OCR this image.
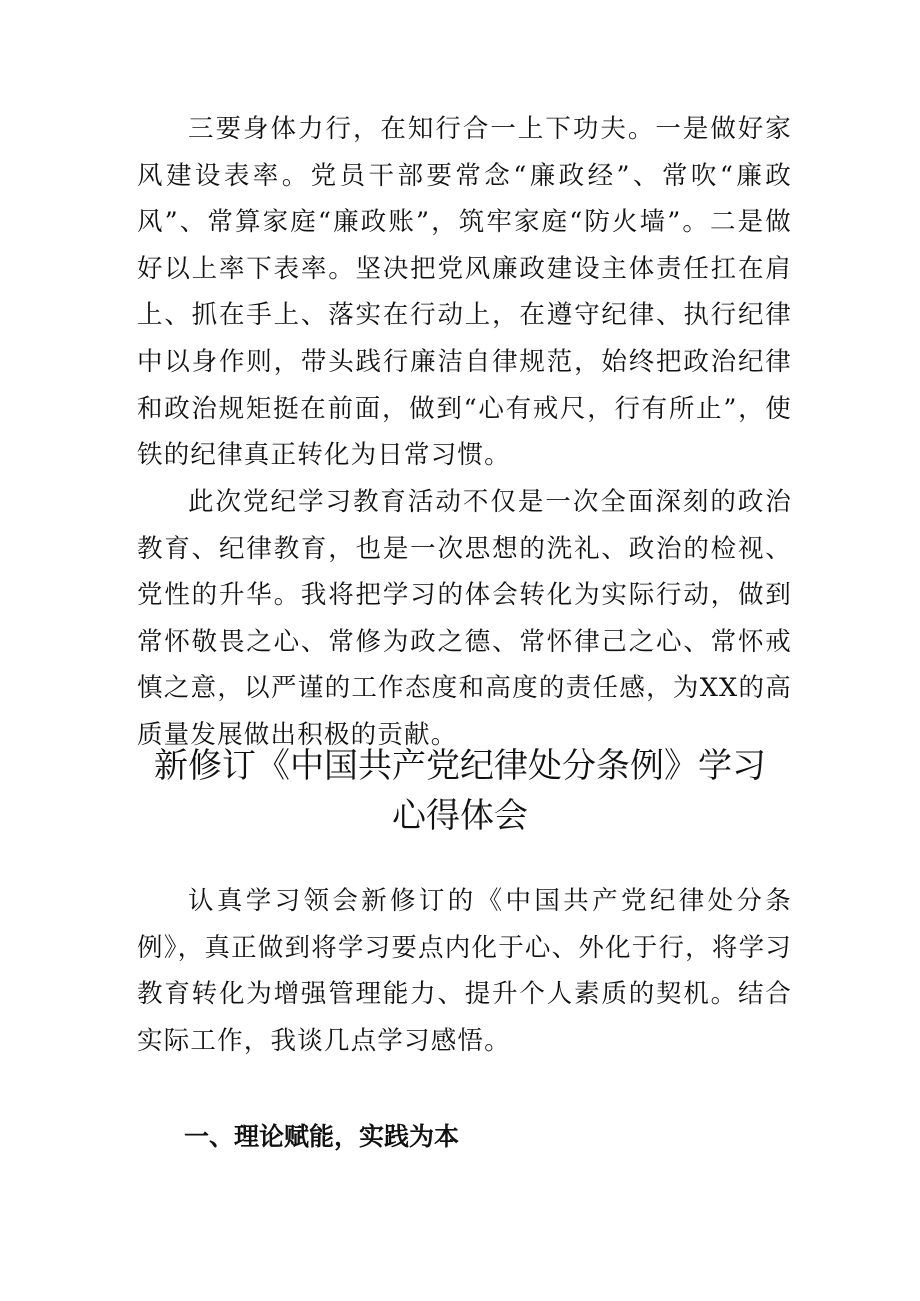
三要身体力行，在知行合一上下功夫。一是做好家风建设表率。党员干部要常念“廉政经”、常吹“廉政风”、常算家庭“廉政账”，筑牢家庭“防火墙”。二是做好以上率下表率。坚决把党风廉政建设主体责任扛在肩上、抓在手上、落实在行动上，在遵守纪律、执行纪律中以身作则，带头践行廉洁自律规范，始终把政治纪律和政治规矩挺在前面，做到“心有戒尺，行有所止”，使铁的纪律真正转化为日常习惯。

此次党纪学习教育活动不仅是一次全面深刻的政治教育、纪律教育，也是一次思想的洗礼、政治的检视、党性的升华。我将把学习的体会转化为实际行动，做到常怀敬畏之心、常修为政之德、常怀律己之心、常怀戒慎之意，以严谨的工作态度和高度的责任感，为XX的高质量发展做出积极的贡献。

新修订《中国共产党纪律处分条例》学习
心得体会

认真学习领会新修订的《中国共产党纪律处分条例》，真正做到将学习要点内化于心、外化于行，将学习教育转化为增强管理能力、提升个人素质的契机。结合实际工作，我谈几点学习感悟。

一、理论赋能，实践为本
